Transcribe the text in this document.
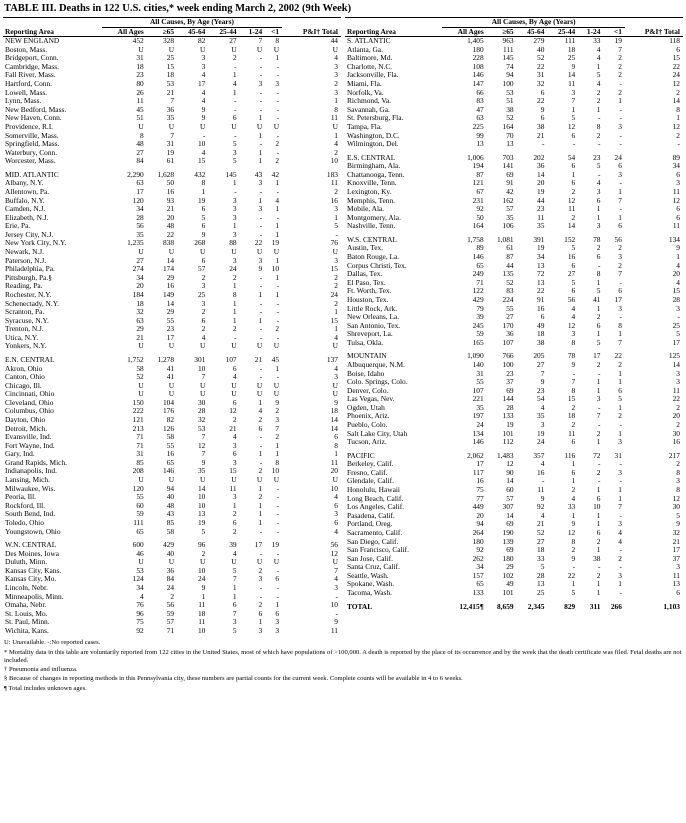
TABLE III. Deaths in 122 U.S. cities,* week ending March 2, 2002 (9th Week)
	All Causes, By Age (Years)						
Reporting Area	All Ages	≥65	45-64	25-44	1-24	<1	P&I† Total
NEW ENGLAND	452	328	82	27	7	8	44
Boston, Mass.	U	U	U	U	U	U	U
Bridgeport, Conn.	31	25	3	2	-	1	4
Cambridge, Mass.	18	15	3	-	-	-	3
Fall River, Mass.	23	18	4	1	-	-	3
Hartford, Conn.	80	53	17	4	3	3	2
Lowell, Mass.	26	21	4	1	-	-	3
Lynn, Mass.	11	7	4	-	-	-	1
New Bedford, Mass.	45	36	9	-	-	-	8
New Haven, Conn.	51	35	9	6	1	-	11
Providence, R.I.	U	U	U	U	U	U	U
Somerville, Mass.	8	7	-	-	1	-	1
Springfield, Mass.	48	31	10	5	-	2	4
Waterbury, Conn.	27	19	4	3	1	-	2
Worcester, Mass.	84	61	15	5	1	2	10

MID. ATLANTIC	2,290	1,628	432	145	43	42	183
Albany, N.Y.	63	50	8	1	3	1	11
Allentown, Pa.	17	16	1	-	-	-	2
Buffalo, N.Y.	120	93	19	3	1	4	16
Camden, N.J.	34	21	6	3	3	1	3
Elizabeth, N.J.	28	20	5	3	-	-	1
Erie, Pa.	56	48	6	1	-	1	5
Jersey City, N.J.	35	22	9	3	-	1	-
New York City, N.Y.	1,235	838	268	88	22	19	76
Newark, N.J.	U	U	U	U	U	U	U
Paterson, N.J.	27	14	6	3	3	1	3
Philadelphia, Pa.	274	174	57	24	9	10	15
Pittsburgh, Pa.§	34	29	2	2	-	1	2
Reading, Pa.	20	16	3	1	-	-	2
Rochester, N.Y.	184	149	25	8	1	1	24
Schenectady, N.Y.	18	14	3	1	-	-	2
Scranton, Pa.	32	29	2	1	-	-	1
Syracuse, N.Y.	63	55	6	1	1	-	15
Trenton, N.J.	29	23	2	2	-	2	1
Utica, N.Y.	21	17	4	-	-	-	4
Yonkers, N.Y.	U	U	U	U	U	U	U

E.N. CENTRAL	1,752	1,278	301	107	21	45	137
Akron, Ohio	58	41	10	6	-	1	4
Canton, Ohio	52	41	7	4	-	-	3
Chicago, Ill.	U	U	U	U	U	U	U
Cincinnati, Ohio	U	U	U	U	U	U	U
Cleveland, Ohio	150	104	30	6	1	9	9
Columbus, Ohio	222	176	28	12	4	2	18
Dayton, Ohio	121	82	32	2	2	3	14
Detroit, Mich.	213	126	53	21	6	7	14
Evansville, Ind.	71	58	7	4	-	2	6
Fort Wayne, Ind.	71	55	12	3	-	1	8
Gary, Ind.	31	16	7	6	1	1	1
Grand Rapids, Mich.	85	65	9	3	-	8	11
Indianapolis, Ind.	208	146	35	15	2	10	20
Lansing, Mich.	U	U	U	U	U	U	U
Milwaukee, Wis.	120	94	14	11	1	-	10
Peoria, Ill.	55	40	10	3	2	-	4
Rockford, Ill.	60	48	10	1	1	-	6
South Bend, Ind.	59	43	13	2	1	-	3
Toledo, Ohio	111	85	19	6	1	-	6
Youngstown, Ohio	65	58	5	2	-	-	4

W.N. CENTRAL	600	429	96	39	17	19	56
Des Moines, Iowa	46	40	2	4	-	-	12
Duluth, Minn.	U	U	U	U	U	U	U
Kansas City, Kans.	53	36	10	5	2	-	7
Kansas City, Mo.	124	84	24	7	3	6	4
Lincoln, Nebr.	34	24	9	1	-	-	3
Minneapolis, Minn.	4	2	1	1	-	-	-
Omaha, Nebr.	76	56	11	6	2	1	10
St. Louis, Mo.	96	59	18	7	6	6	-
St. Paul, Minn.	75	57	11	3	1	3	9
Wichita, Kans.	92	71	10	5	3	3	11
	All Causes, By Age (Years)						
Reporting Area	All Ages	≥65	45-64	25-44	1-24	<1	P&I† Total
S. ATLANTIC	1,405	963	279	111	33	19	118
Atlanta, Ga.	180	111	40	18	4	7	6
Baltimore, Md.	228	145	52	25	4	2	15
Charlotte, N.C.	108	74	22	9	1	2	22
Jacksonville, Fla.	146	94	31	14	5	2	24
Miami, Fla.	147	100	32	11	4	-	12
Norfolk, Va.	66	53	6	3	2	2	2
Richmond, Va.	83	51	22	7	2	1	14
Savannah, Ga.	47	38	9	1	1	-	8
St. Petersburg, Fla.	63	52	6	5	-	-	1
Tampa, Fla.	225	164	38	12	8	3	12
Washington, D.C.	99	70	21	6	2	-	2
Wilmington, Del.	13	13	-	-	-	-	-

E.S. CENTRAL	1,006	703	202	54	23	24	89
Birmingham, Ala.	194	141	36	6	5	6	34
Chattanooga, Tenn.	87	69	14	1	-	3	6
Knoxville, Tenn.	121	91	20	6	4	-	3
Lexington, Ky.	67	42	19	2	3	1	11
Memphis, Tenn.	231	162	44	12	6	7	12
Mobile, Ala.	92	57	23	11	1	-	6
Montgomery, Ala.	50	35	11	2	1	1	6
Nashville, Tenn.	164	106	35	14	3	6	11

W.S. CENTRAL	1,758	1,081	391	152	78	56	134
Austin, Tex.	89	61	19	5	2	2	9
Baton Rouge, La.	146	87	34	16	6	3	1
Corpus Christi, Tex.	65	44	13	6	-	2	4
Dallas, Tex.	249	135	72	27	8	7	20
El Paso, Tex.	71	52	13	5	1	-	4
Ft. Worth, Tex.	122	83	22	6	5	6	15
Houston, Tex.	429	224	91	56	41	17	28
Little Rock, Ark.	79	55	16	4	1	3	3
New Orleans, La.	39	27	6	4	2	-	-
San Antonio, Tex.	245	170	49	12	6	8	25
Shreveport, La.	59	36	18	3	1	1	5
Tulsa, Okla.	165	107	38	8	5	7	17

MOUNTAIN	1,090	766	205	78	17	22	125
Albuquerque, N.M.	140	100	27	9	2	2	14
Boise, Idaho	31	23	7	-	-	1	3
Colo. Springs, Colo.	55	37	9	7	1	1	3
Denver, Colo.	107	69	23	8	1	6	11
Las Vegas, Nev.	221	144	54	15	3	5	22
Ogden, Utah	35	28	4	2	-	1	2
Phoenix, Ariz.	197	133	35	18	7	2	20
Pueblo, Colo.	24	19	3	2	-	-	2
Salt Lake City, Utah	134	101	19	11	2	1	30
Tucson, Ariz.	146	112	24	6	1	3	16

PACIFIC	2,062	1,483	357	116	72	31	217
Berkeley, Calif.	17	12	4	1	-	-	2
Fresno, Calif.	117	90	16	6	2	3	8
Glendale, Calif.	16	14	-	1	-	-	3
Honolulu, Hawaii	75	60	11	2	1	1	8
Long Beach, Calif.	77	57	9	4	6	1	12
Los Angeles, Calif.	449	307	92	33	10	7	30
Pasadena, Calif.	20	14	4	1	1	-	5
Portland, Oreg.	94	69	21	9	1	3	9
Sacramento, Calif.	264	190	52	12	6	4	32
San Diego, Calif.	180	139	27	8	2	4	21
San Francisco, Calif.	92	69	18	2	1	-	17
San Jose, Calif.	262	180	33	9	38	2	37
Santa Cruz, Calif.	34	29	5	-	-	-	3
Seattle, Wash.	157	102	28	22	2	3	11
Spokane, Wash.	65	49	13	1	1	1	13
Tacoma, Wash.	133	101	25	5	1	-	6

TOTAL	12,415¶	8,659	2,345	829	311	266	1,103

U: Unavailable. -:No reported cases.

* Mortality data in this table are voluntarily reported from 122 cities in the United States, most of which have populations of >100,000. A death is reported by the place of its occurrence and by the week that the death certificate was filed. Fetal deaths are not included.

† Pneumonia and influenza.

§ Because of changes in reporting methods in this Pennsylvania city, these numbers are partial counts for the current week. Complete counts will be available in 4 to 6 weeks.

¶ Total includes unknown ages.
